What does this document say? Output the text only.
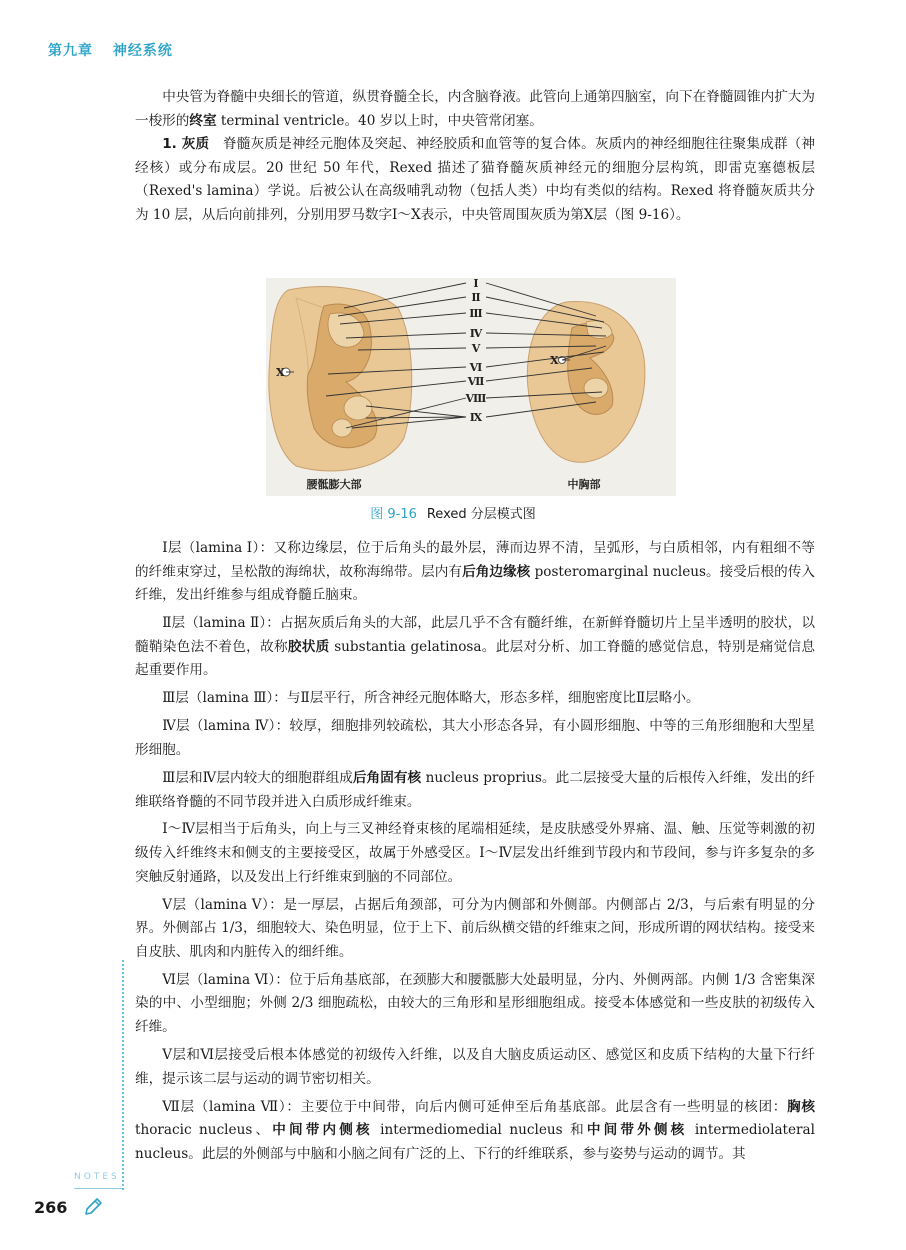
第九章 神经系统

中央管为脊髓中央细长的管道，纵贯脊髓全长，内含脑脊液。此管向上通第四脑室，向下在脊髓圆锥内扩大为一梭形的终室 terminal ventricle。40 岁以上时，中央管常闭塞。

1. 灰质　脊髓灰质是神经元胞体及突起、神经胶质和血管等的复合体。灰质内的神经细胞往往聚集成群（神经核）或分布成层。20 世纪 50 年代，Rexed 描述了猫脊髓灰质神经元的细胞分层构筑，即雷克塞德板层（Rexed's lamina）学说。后被公认在高级哺乳动物（包括人类）中均有类似的结构。Rexed 将脊髓灰质共分为 10 层，从后向前排列，分别用罗马数字Ⅰ～Ⅹ表示，中央管周围灰质为第Ⅹ层（图 9-16）。

Ⅰ
Ⅱ
Ⅲ
Ⅳ
Ⅴ
Ⅵ
Ⅶ
Ⅷ
Ⅸ
Ⅹ
Ⅹ
腰骶膨大部	中胸部
图 9-16 Rexed 分层模式图

Ⅰ层（lamina Ⅰ）：又称边缘层，位于后角头的最外层，薄而边界不清，呈弧形，与白质相邻，内有粗细不等的纤维束穿过，呈松散的海绵状，故称海绵带。层内有后角边缘核 posteromarginal nucleus。接受后根的传入纤维，发出纤维参与组成脊髓丘脑束。

Ⅱ层（lamina Ⅱ）：占据灰质后角头的大部，此层几乎不含有髓纤维，在新鲜脊髓切片上呈半透明的胶状，以髓鞘染色法不着色，故称胶状质 substantia gelatinosa。此层对分析、加工脊髓的感觉信息，特别是痛觉信息起重要作用。

Ⅲ层（lamina Ⅲ）：与Ⅱ层平行，所含神经元胞体略大，形态多样，细胞密度比Ⅱ层略小。

Ⅳ层（lamina Ⅳ）：较厚，细胞排列较疏松，其大小形态各异，有小圆形细胞、中等的三角形细胞和大型星形细胞。

Ⅲ层和Ⅳ层内较大的细胞群组成后角固有核 nucleus proprius。此二层接受大量的后根传入纤维，发出的纤维联络脊髓的不同节段并进入白质形成纤维束。

Ⅰ～Ⅳ层相当于后角头，向上与三叉神经脊束核的尾端相延续，是皮肤感受外界痛、温、触、压觉等刺激的初级传入纤维终末和侧支的主要接受区，故属于外感受区。Ⅰ～Ⅳ层发出纤维到节段内和节段间，参与许多复杂的多突触反射通路，以及发出上行纤维束到脑的不同部位。

Ⅴ层（lamina Ⅴ）：是一厚层，占据后角颈部，可分为内侧部和外侧部。内侧部占 2/3，与后索有明显的分界。外侧部占 1/3，细胞较大、染色明显，位于上下、前后纵横交错的纤维束之间，形成所谓的网状结构。接受来自皮肤、肌肉和内脏传入的细纤维。

Ⅵ层（lamina Ⅵ）：位于后角基底部，在颈膨大和腰骶膨大处最明显，分内、外侧两部。内侧 1/3 含密集深染的中、小型细胞；外侧 2/3 细胞疏松，由较大的三角形和星形细胞组成。接受本体感觉和一些皮肤的初级传入纤维。

Ⅴ层和Ⅵ层接受后根本体感觉的初级传入纤维，以及自大脑皮质运动区、感觉区和皮质下结构的大量下行纤维，提示该二层与运动的调节密切相关。

Ⅶ层（lamina Ⅶ）：主要位于中间带，向后内侧可延伸至后角基底部。此层含有一些明显的核团：胸核 thoracic nucleus、中间带内侧核 intermediomedial nucleus 和中间带外侧核 intermediolateral nucleus。此层的外侧部与中脑和小脑之间有广泛的上、下行的纤维联系，参与姿势与运动的调节。其

NOTES
266
